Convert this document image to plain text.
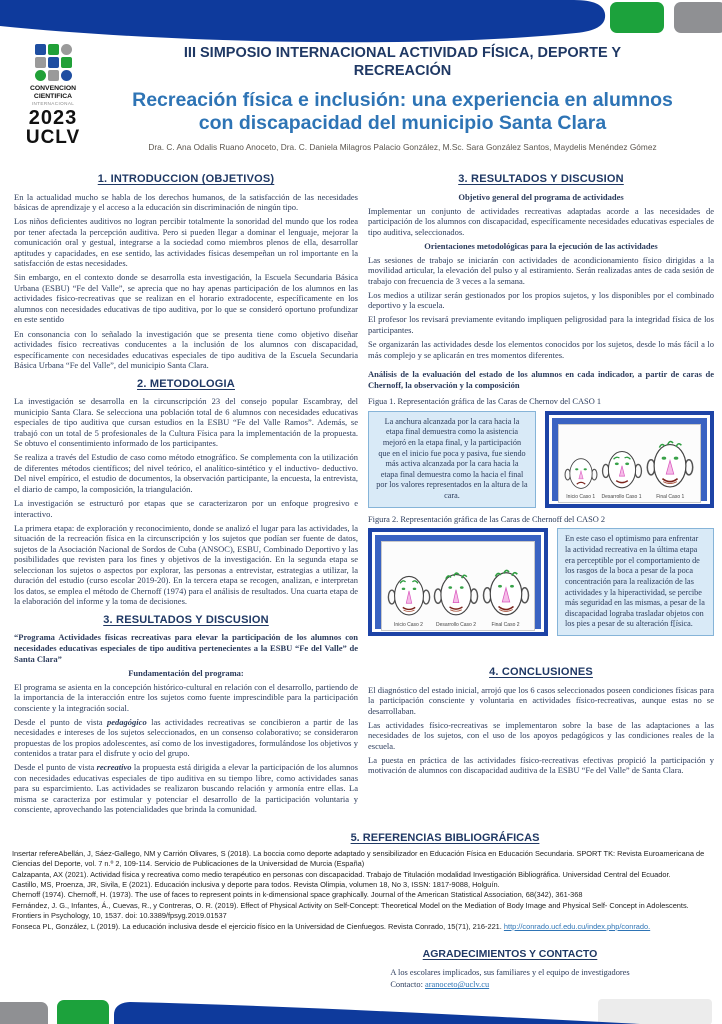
CONVENCION
CIENTIFICA
INTERNACIONAL
2023
UCLV
III SIMPOSIO INTERNACIONAL ACTIVIDAD FÍSICA, DEPORTE Y RECREACIÓN
Recreación física e inclusión: una experiencia en alumnos con discapacidad del municipio Santa Clara
Dra. C. Ana Odalis Ruano Anoceto, Dra. C. Daniela Milagros Palacio González, M.Sc. Sara González Santos, Maydelis Menéndez Gómez
1. INTRODUCCION (OBJETIVOS)

En la actualidad mucho se habla de los derechos humanos, de la satisfacción de las necesidades básicas de aprendizaje y el acceso a la educación sin discriminación de ningún tipo.

Los niños deficientes auditivos no logran percibir totalmente la sonoridad del mundo que los rodea por tener afectada la percepción auditiva. Pero si pueden llegar a dominar el lenguaje, mejorar la comunicación oral y gestual, integrarse a la sociedad como miembros plenos de ella, desarrollar aptitudes y capacidades, en ese sentido, las actividades físicas desempeñan un rol importante en la satisfacción de estas necesidades.

Sin embargo, en el contexto donde se desarrolla esta investigación, la Escuela Secundaria Básica Urbana (ESBU) “Fe del Valle”, se aprecia que no hay apenas participación de los alumnos en las actividades físico-recreativas que se realizan en el horario extradocente, específicamente en los alumnos con necesidades educativas de tipo auditiva, por lo que se consideró oportuno profundizar en este sentido

En consonancia con lo señalado la investigación que se presenta tiene como objetivo diseñar actividades físico recreativas conducentes a la inclusión de los alumnos con discapacidad, específicamente con necesidades educativas especiales de tipo auditiva de la Escuela Secundaria Básica Urbana “Fe del Valle”, del municipio Santa Clara.

2. METODOLOGIA

La investigación se desarrolla en la circunscripción 23 del consejo popular Escambray, del municipio Santa Clara. Se selecciona una población total de 6 alumnos con necesidades educativas especiales de tipo auditiva que cursan estudios en la ESBU “Fe del Valle Ramos”. Además, se trabajó con un total de 5 profesionales de la Cultura Física para la implementación de la propuesta. Se obtuvo el consentimiento informado de los participantes.

Se realiza a través del Estudio de caso como método etnográfico. Se complementa con la utilización de diferentes métodos científicos; del nivel teórico, el analítico-sintético y el inductivo- deductivo. Del nivel empírico, el estudio de documentos, la observación participante, la encuesta, la entrevista, el diario de campo, la composición, la triangulación.

La investigación se estructuró por etapas que se caracterizaron por un enfoque progresivo e interactivo.

La primera etapa: de exploración y reconocimiento, donde se analizó el lugar para las actividades, la situación de la recreación física en la circunscripción y los sujetos que podían ser fuente de datos, sujetos de la Asociación Nacional de Sordos de Cuba (ANSOC), ESBU, Combinado Deportivo y las posibilidades que revisten para los fines y objetivos de la investigación. En la segunda etapa se seleccionan los sujetos o aspectos por explorar, las personas a entrevistar, estrategias a utilizar, la duración del estudio (curso escolar 2019-20). En la tercera etapa se recogen, analizan, e interpretan los datos, se emplea el método de Chernoff (1974) para el análisis de resultados. Una cuarta etapa de la elaboración del informe y la toma de decisiones.

3. RESULTADOS Y DISCUSION

“Programa Actividades físicas recreativas para elevar la participación de los alumnos con necesidades educativas especiales de tipo auditiva pertenecientes a la ESBU “Fe del Valle” de Santa Clara”

Fundamentación del programa:

El programa se asienta en la concepción histórico-cultural en relación con el desarrollo, partiendo de la importancia de la interacción entre los sujetos como fuente imprescindible para la participación consciente y la integración social.

Desde el punto de vista pedagógico las actividades recreativas se concibieron a partir de las necesidades e intereses de los sujetos seleccionados, en un consenso colaborativo; se consideraron propuestas de los propios adolescentes, así como de los investigadores, formulándose los objetivos y contenidos a tratar para el disfrute y ocio del grupo.

Desde el punto de vista recreativo la propuesta está dirigida a elevar la participación de los alumnos con necesidades educativas especiales de tipo auditiva en su tiempo libre, como actividades sanas para su esparcimiento. Las actividades se realizaron buscando relación y armonía entre ellas. La misma se caracteriza por estimular y potenciar el desarrollo de la participación voluntaria y consciente, aprovechando las potencialidades que brinda la comunidad.

3. RESULTADOS Y DISCUSION
Objetivo general del programa de actividades

Implementar un conjunto de actividades recreativas adaptadas acorde a las necesidades de participación de los alumnos con discapacidad, específicamente necesidades educativas especiales de tipo auditiva, seleccionados.

Orientaciones metodológicas para la ejecución de las actividades

Las sesiones de trabajo se iniciarán con actividades de acondicionamiento físico dirigidas a la movilidad articular, la elevación del pulso y al estiramiento. Serán realizadas antes de cada sesión de trabajo con frecuencia de 3 veces a la semana.

Los medios a utilizar serán gestionados por los propios sujetos, y los disponibles por el combinado deportivo y la escuela.

El profesor los revisará previamente evitando impliquen peligrosidad para la integridad física de los participantes.

Se organizarán las actividades desde los elementos conocidos por los sujetos, desde lo más fácil a lo más complejo y se aplicarán en tres momentos diferentes.

Análisis de la evaluación del estado de los alumnos en cada indicador, a partir de caras de Chernoff, la observación y la composición

Figua 1. Representación gráfica de las Caras de Chernov del CASO 1
La anchura alcanzada por la cara hacia la etapa final demuestra como la asistencia mejoró en la etapa final, y la participación que en el inicio fue poca y pasiva, fue siendo más activa alcanzada por la cara hacia la etapa final demuestra como la hacia el final por los valores representados en la altura de la cara.	Inicio Caso 1 Desarrollo Caso 1	Final Caso 1
Figura 2. Representación gráfica de las Caras de Chernoff del CASO 2
Inicio Caso 2	Desarrollo Caso 2	Final Caso 2
En este caso el optimismo para enfrentar la actividad recreativa en la última etapa era perceptible por el comportamiento de los rasgos de la boca a pesar de la poca concentración para la realización de las actividades y la hiperactividad, se percibe más seguridad en las mismas, a pesar de la discapacidad lograba trasladar objetos con los pies a pesar de su alteración f[ísica.
4. CONCLUSIONES

El diagnóstico del estado inicial, arrojó que los 6 casos seleccionados poseen condiciones físicas para la participación consciente y voluntaria en actividades físico-recreativas, aunque estas no se desarrollaban.

Las actividades físico-recreativas se implementaron sobre la base de las adaptaciones a las necesidades de los sujetos, con el uso de los apoyos pedagógicos y las condiciones reales de la escuela.

La puesta en práctica de las actividades físico-recreativas efectivas propició la participación y motivación de alumnos con discapacidad auditiva de la ESBU “Fe del Valle” de Santa Clara.

5. REFERENCIAS BIBLIOGRÁFICAS

Insertar refereAbellán, J, Sáez-Gallego, NM y Carrión Olivares, S (2018). La boccia como deporte adaptado y sensibilizador en Educación Física en Educación Secundaria. SPORT TK: Revista Euroamericana de Ciencias del Deporte, vol. 7 n.º 2, 109-114. Servicio de Publicaciones de la Universidad de Murcia (España)

Calzapanta, AX (2021). Actividad física y recreativa como medio terapéutico en personas con discapacidad. Trabajo de Titulación modalidad Investigación Bibliográfica. Universidad Central del Ecuador.

Castillo, MS, Proenza, JR, Sivila, E (2021). Educación inclusiva y deporte para todos. Revista Olimpia, volumen 18, No 3, ISSN: 1817-9088, Holguín.

Chernoff (1974). Chernoff, H. (1973). The use of faces to represent points in k-dimensional space graphically. Journal of the American Statistical Association, 68(342), 361-368

Fernández, J. G., Infantes, Á., Cuevas, R., y Contreras, O. R. (2019). Effect of Physical Activity on Self-Concept: Theoretical Model on the Mediation of Body Image and Physical Self- Concept in Adolescents. Frontiers in Psychology, 10, 1537. doi: 10.3389/fpsyg.2019.01537

Fonseca PL, González, L (2019). La educación inclusiva desde el ejercicio físico en la Universidad de Cienfuegos. Revista Conrado, 15(71), 216-221. http://conrado.ucf.edu.cu/index.php/conrado.

AGRADECIMIENTOS Y CONTACTO
A los escolares implicados, sus familiares y el equipo de investigadores
Contacto: aranoceto@uclv.cu
